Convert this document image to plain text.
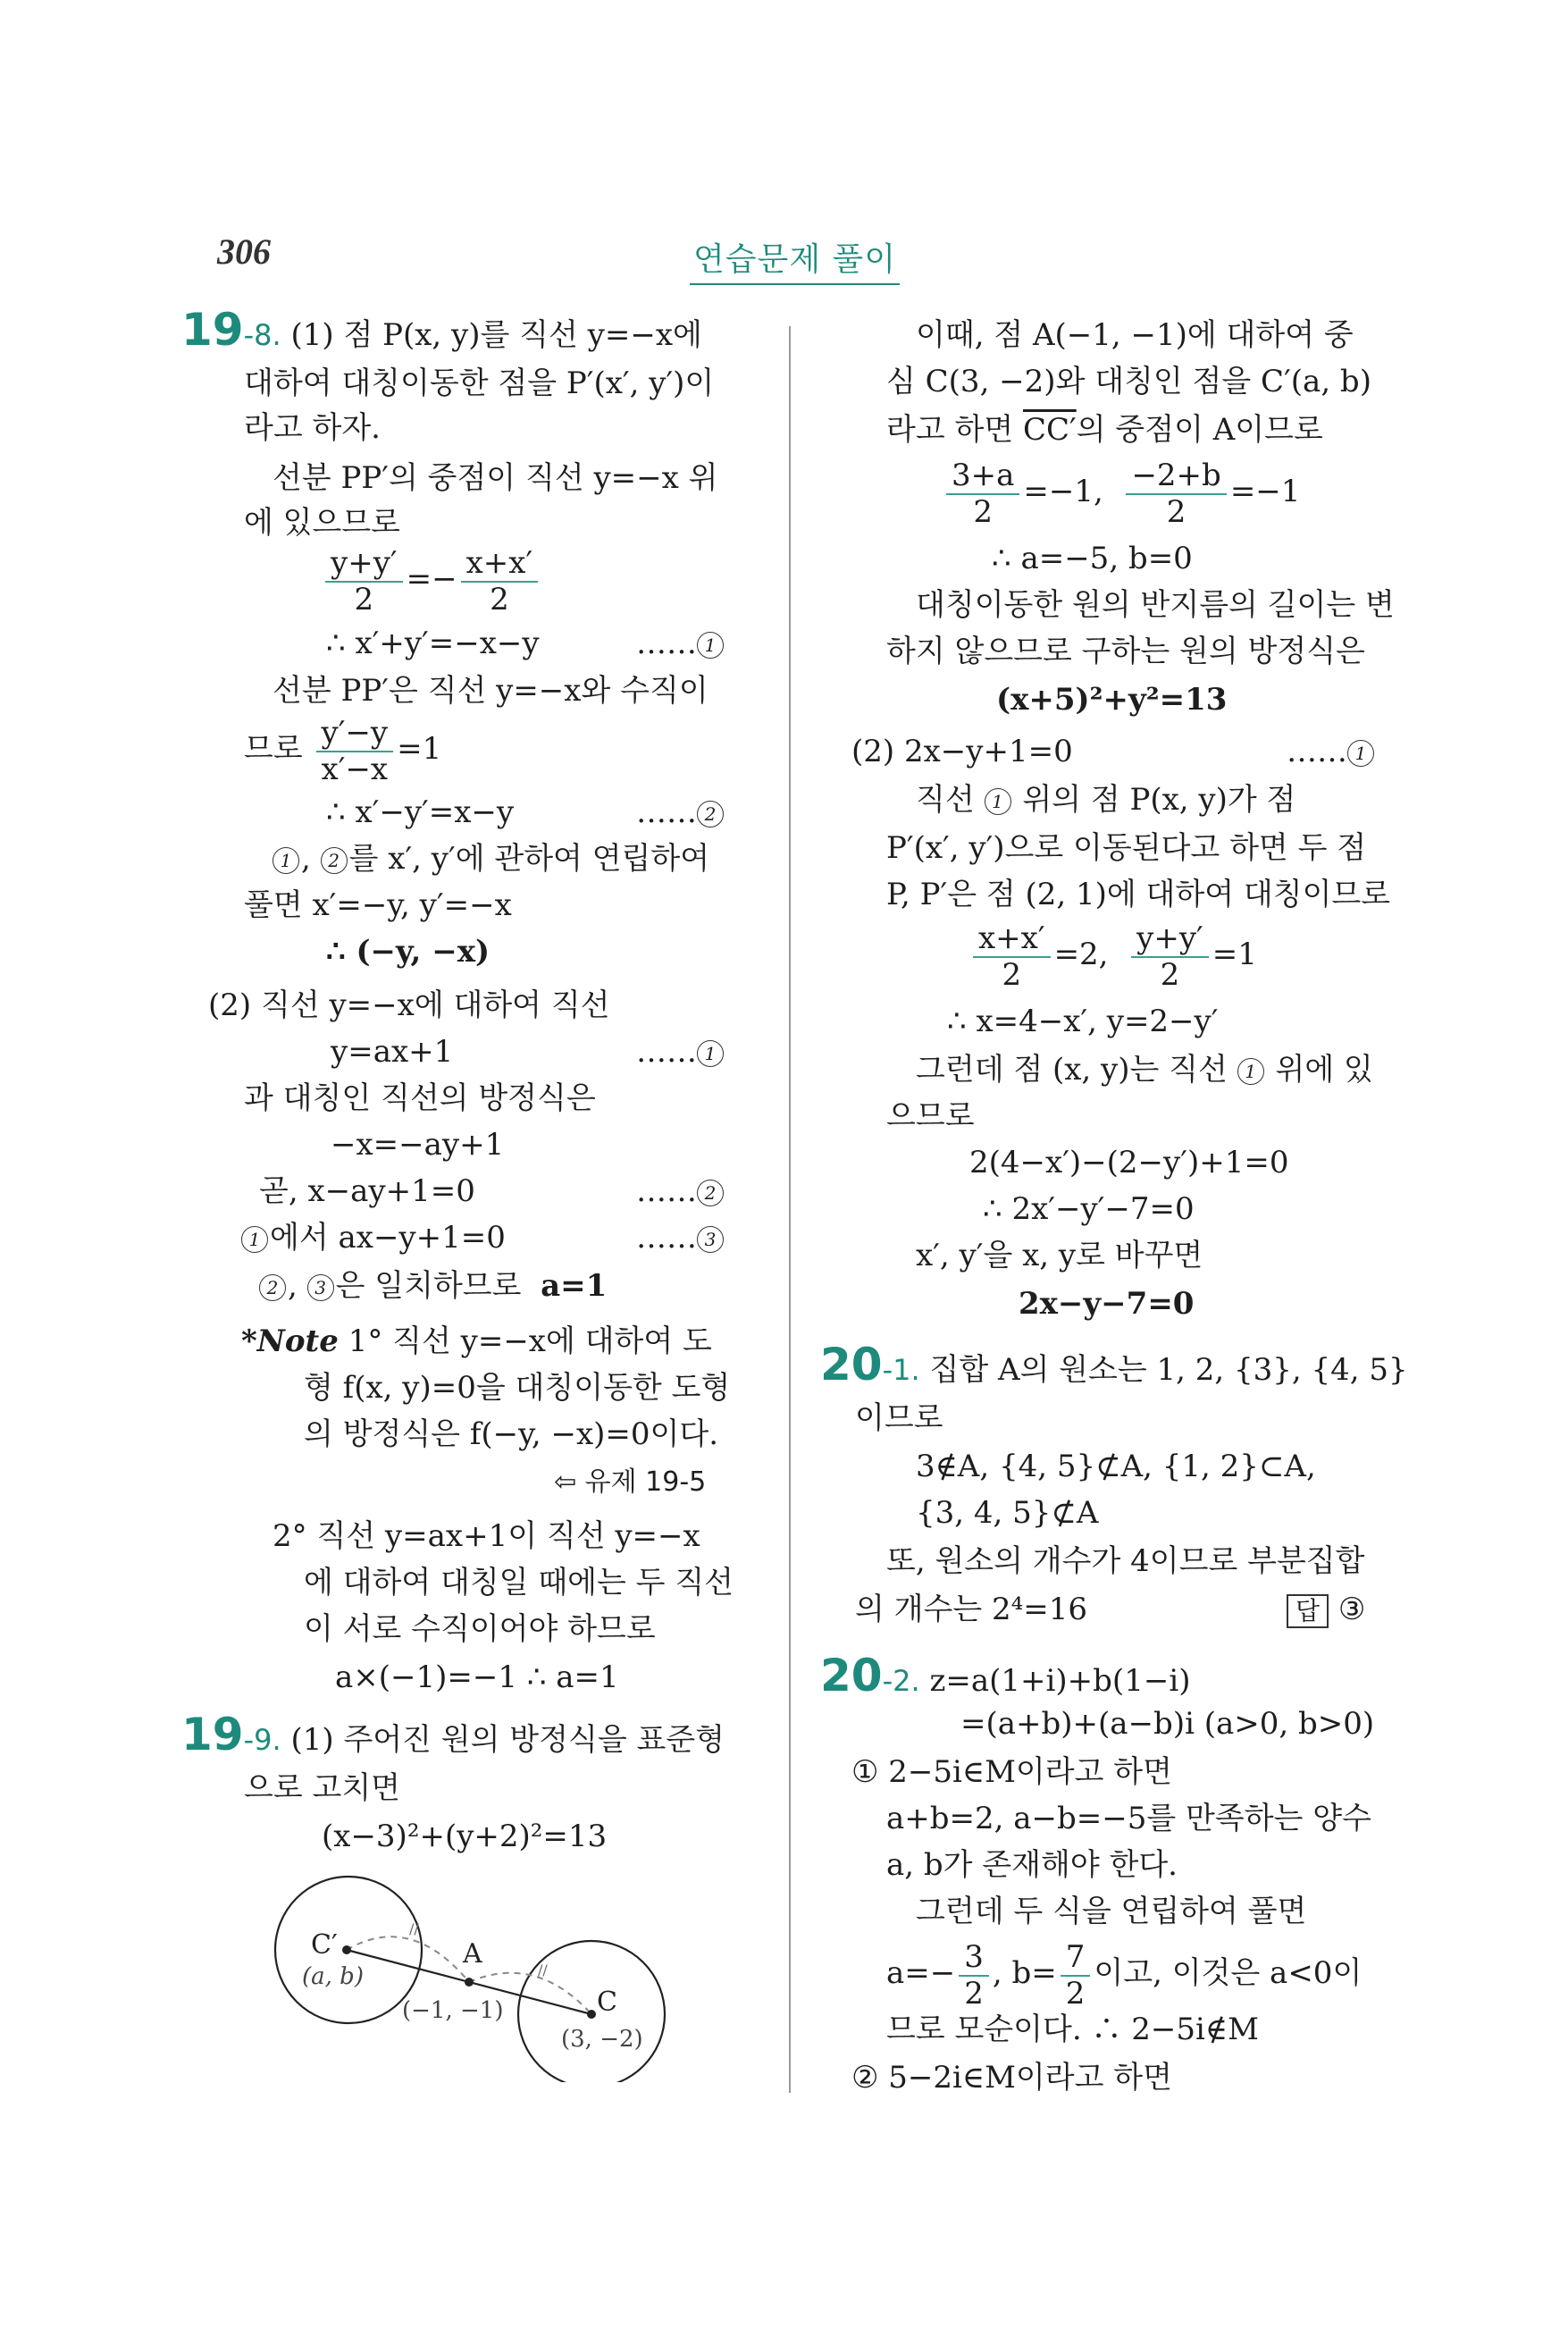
306	연습문제 풀이
19-8. (1) 점 P(x, y)를 직선 y=−x에
대하여 대칭이동한 점을 P′(x′, y′)이
라고 하자.
선분 PP′의 중점이 직선 y=−x 위
에 있으므로
$\frac{y+y'}{2} =- \frac{x+x'}{2}$
∴ x′+y′=−x−y	…… 1
선분 PP′은 직선 y=−x와 수직이
므로 $\frac{y'-y}{x'-x} =1$
∴ x′−y′=x−y	…… 2
1 , 2 를 x′, y′에 관하여 연립하여
풀면 x′=−y, y′=−x
∴ (−y, −x)
(2) 직선 y=−x에 대하여 직선
y=ax+1	…… 1
과 대칭인 직선의 방정식은
−x=−ay+1
곧, x−ay+1=0	…… 2
1 에서 ax−y+1=0	…… 3
2 , 3 은 일치하므로 a=1
*Note 1° 직선 y=−x에 대하여 도
형 f(x, y)=0을 대칭이동한 도형
의 방정식은 f(−y, −x)=0이다.
⇦ 유제 19-5
2° 직선 y=ax+1이 직선 y=−x
에 대하여 대칭일 때에는 두 직선
이 서로 수직이어야 하므로
a×(−1)=−1 ∴ a=1
19-9. (1) 주어진 원의 방정식을 표준형
으로 고치면
(x−3)²+(y+2)²=13
//
//
C′
(a, b)
A
(−1, −1)	C
(3, −2)
이때, 점 A(−1, −1)에 대하여 중
심 C(3, −2)와 대칭인 점을 C′(a, b)
라고 하면 CC′의 중점이 A이므로
$\frac{3+a}{2} =-1$, $\frac{-2+b}{2} =-1$
∴ a=−5, b=0
대칭이동한 원의 반지름의 길이는 변
하지 않으므로 구하는 원의 방정식은
(x+5)²+y²=13
(2) 2x−y+1=0	…… 1
직선 1 위의 점 P(x, y)가 점
P′(x′, y′)으로 이동된다고 하면 두 점
P, P′은 점 (2, 1)에 대하여 대칭이므로
$\frac{x+x'}{2} =2$, $\frac{y+y'}{2} =1$
∴ x=4−x′, y=2−y′
그런데 점 (x, y)는 직선 1 위에 있
으므로
2(4−x′)−(2−y′)+1=0
∴ 2x′−y′−7=0
x′, y′을 x, y로 바꾸면
2x−y−7=0
20-1. 집합 A의 원소는 1, 2, {3}, {4, 5}
이므로
3∉A, {4, 5}⊄A, {1, 2}⊂A,
{3, 4, 5}⊄A
또, 원소의 개수가 4이므로 부분집합
의 개수는 2⁴=16	답 ③
20-2. z=a(1+i)+b(1−i)
=(a+b)+(a−b)i (a>0, b>0)
① 2−5i∈M이라고 하면
a+b=2, a−b=−5를 만족하는 양수
a, b가 존재해야 한다.
그런데 두 식을 연립하여 풀면
$a=- \frac{3}{2}$ , $b= \frac{7}{2}$ 이고, 이것은 a<0이
므로 모순이다. ∴ 2−5i∉M
② 5−2i∈M이라고 하면
